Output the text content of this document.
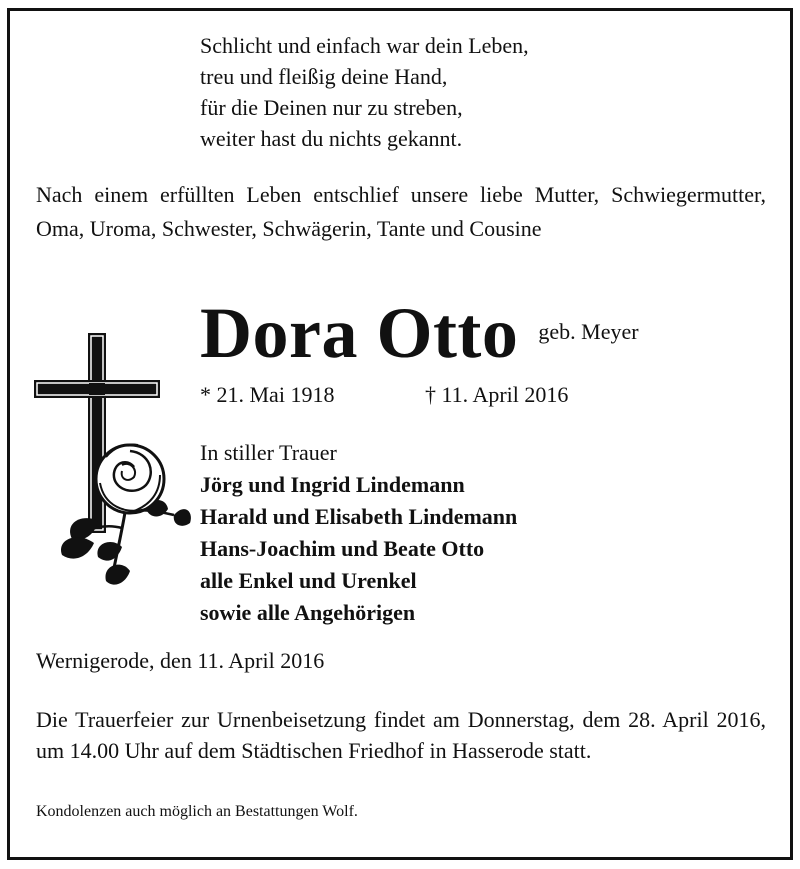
Schlicht und einfach war dein Leben,
treu und fleißig deine Hand,
für die Deinen nur zu streben,
weiter hast du nichts gekannt.
Nach einem erfüllten Leben entschlief unsere liebe Mutter, Schwiegermutter, Oma, Uroma, Schwester, Schwägerin, Tante und Cousine
Dora Otto geb. Meyer
* 21. Mai 1918	† 11. April 2016
In stiller Trauer
Jörg und Ingrid Lindemann
Harald und Elisabeth Lindemann
Hans-Joachim und Beate Otto
alle Enkel und Urenkel
sowie alle Angehörigen
Wernigerode, den 11. April 2016
Die Trauerfeier zur Urnenbeisetzung findet am Donnerstag, dem 28. April 2016, um 14.00 Uhr auf dem Städtischen Friedhof in Hasserode statt.
Kondolenzen auch möglich an Bestattungen Wolf.
